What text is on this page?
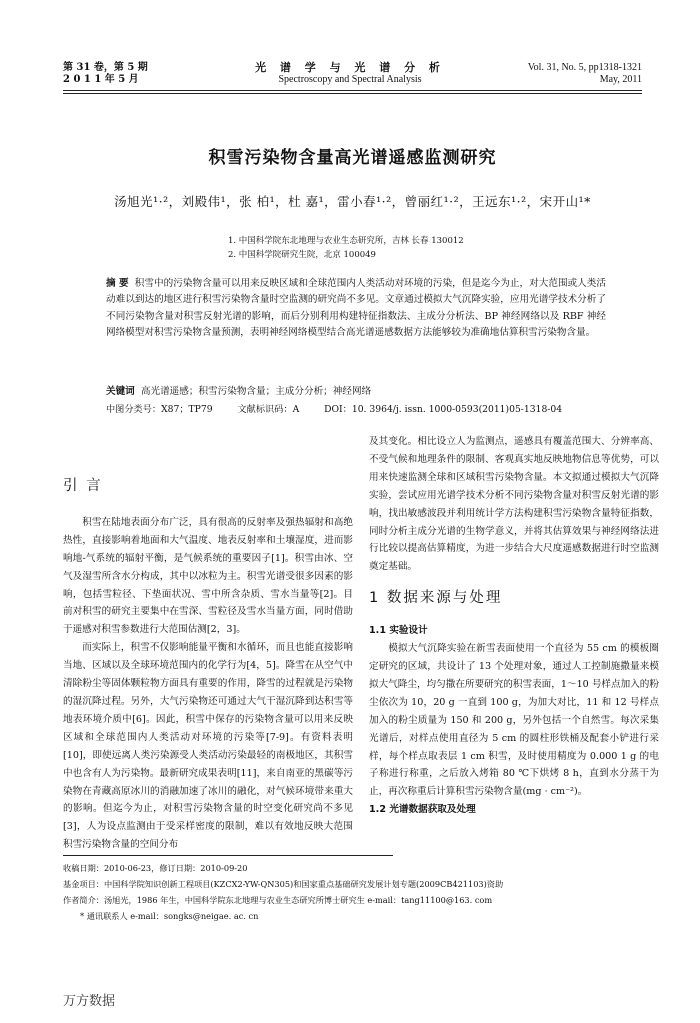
第 31 卷，第 5 期
2 0 1 1 年 5 月
光 谱 学 与 光 谱 分 析
Spectroscopy and Spectral Analysis
Vol. 31, No. 5, pp1318-1321
May, 2011
积雪污染物含量高光谱遥感监测研究
汤旭光¹·²，刘殿伟¹，张 柏¹，杜 嘉¹，雷小春¹·²，曾丽红¹·²，王远东¹·²，宋开山¹*
1. 中国科学院东北地理与农业生态研究所，吉林 长春 130012
2. 中国科学院研究生院，北京 100049
摘 要 积雪中的污染物含量可以用来反映区域和全球范围内人类活动对环境的污染，但是迄今为止，对大范围或人类活动难以到达的地区进行积雪污染物含量时空监测的研究尚不多见。文章通过模拟大气沉降实验，应用光谱学技术分析了不同污染物含量对积雪反射光谱的影响，而后分别利用构建特征指数法、主成分分析法、BP 神经网络以及 RBF 神经网络模型对积雪污染物含量预测，表明神经网络模型结合高光谱遥感数据方法能够较为准确地估算积雪污染物含量。
关键词 高光谱遥感；积雪污染物含量；主成分分析；神经网络
中图分类号：X87；TP79	文献标识码：A	DOI：10. 3964/j. issn. 1000-0593(2011)05-1318-04
引 言

积雪在陆地表面分布广泛，具有很高的反射率及强热辐射和高绝热性，直接影响着地面和大气温度、地表反射率和土壤湿度，进而影响地-气系统的辐射平衡，是气候系统的重要因子[1]。积雪由冰、空气及湿雪所含水分构成，其中以冰粒为主。积雪光谱受很多因素的影响，包括雪粒径、下垫面状况、雪中所含杂质、雪水当量等[2]。目前对积雪的研究主要集中在雪深、雪粒径及雪水当量方面，同时借助于遥感对积雪参数进行大范围估测[2，3]。

而实际上，积雪不仅影响能量平衡和水循环，而且也能直接影响当地、区域以及全球环境范围内的化学行为[4，5]。降雪在从空气中清除粉尘等固体颗粒物方面具有重要的作用，降雪的过程就是污染物的湿沉降过程。另外，大气污染物还可通过大气干湿沉降到达积雪等地表环境介质中[6]。因此，积雪中保存的污染物含量可以用来反映区域和全球范围内人类活动对环境的污染等[7-9]。有资料表明[10]，即使远离人类污染源受人类活动污染最轻的南极地区，其积雪中也含有人为污染物。最新研究成果表明[11]，来自南亚的黑碳等污染物在青藏高原冰川的消融加速了冰川的融化，对气候环境带来重大的影响。但迄今为止，对积雪污染物含量的时空变化研究尚不多见[3]，人为设点监测由于受采样密度的限制，难以有效地反映大范围积雪污染物含量的空间分布

及其变化。相比设立人为监测点，遥感具有覆盖范围大、分辨率高、不受气候和地理条件的限制、客观真实地反映地物信息等优势，可以用来快速监测全球和区域积雪污染物含量。本文拟通过模拟大气沉降实验，尝试应用光谱学技术分析不同污染物含量对积雪反射光谱的影响，找出敏感波段并利用统计学方法构建积雪污染物含量特征指数，同时分析主成分光谱的生物学意义，并将其估算效果与神经网络法进行比较以提高估算精度，为进一步结合大尺度遥感数据进行时空监测奠定基础。

1 数据来源与处理
1.1 实验设计

模拟大气沉降实验在新雪表面使用一个直径为 55 cm 的模板圈定研究的区域，共设计了 13 个处理对象，通过人工控制施撒量来模拟大气降尘，均匀撒在所要研究的积雪表面，1～10 号样点加入的粉尘依次为 10，20 g 一直到 100 g，为加大对比，11 和 12 号样点加入的粉尘质量为 150 和 200 g，另外包括一个自然雪。每次采集光谱后，对样点使用直径为 5 cm 的圆柱形铁桶及配套小铲进行采样，每个样点取表层 1 cm 积雪，及时使用精度为 0.000 1 g 的电子称进行称重，之后放入烤箱 80 ℃下烘烤 8 h，直到水分蒸干为止，再次称重后计算积雪污染物含量(mg · cm⁻²)。

1.2 光谱数据获取及处理
收稿日期：2010-06-23，修订日期：2010-09-20
基金项目：中国科学院知识创新工程项目(KZCX2-YW-QN305)和国家重点基础研究发展计划专题(2009CB421103)资助
作者简介：汤旭光，1986 年生，中国科学院东北地理与农业生态研究所博士研究生 e-mail：tang11100@163. com
* 通讯联系人 e-mail：songks@neigae. ac. cn
万方数据
